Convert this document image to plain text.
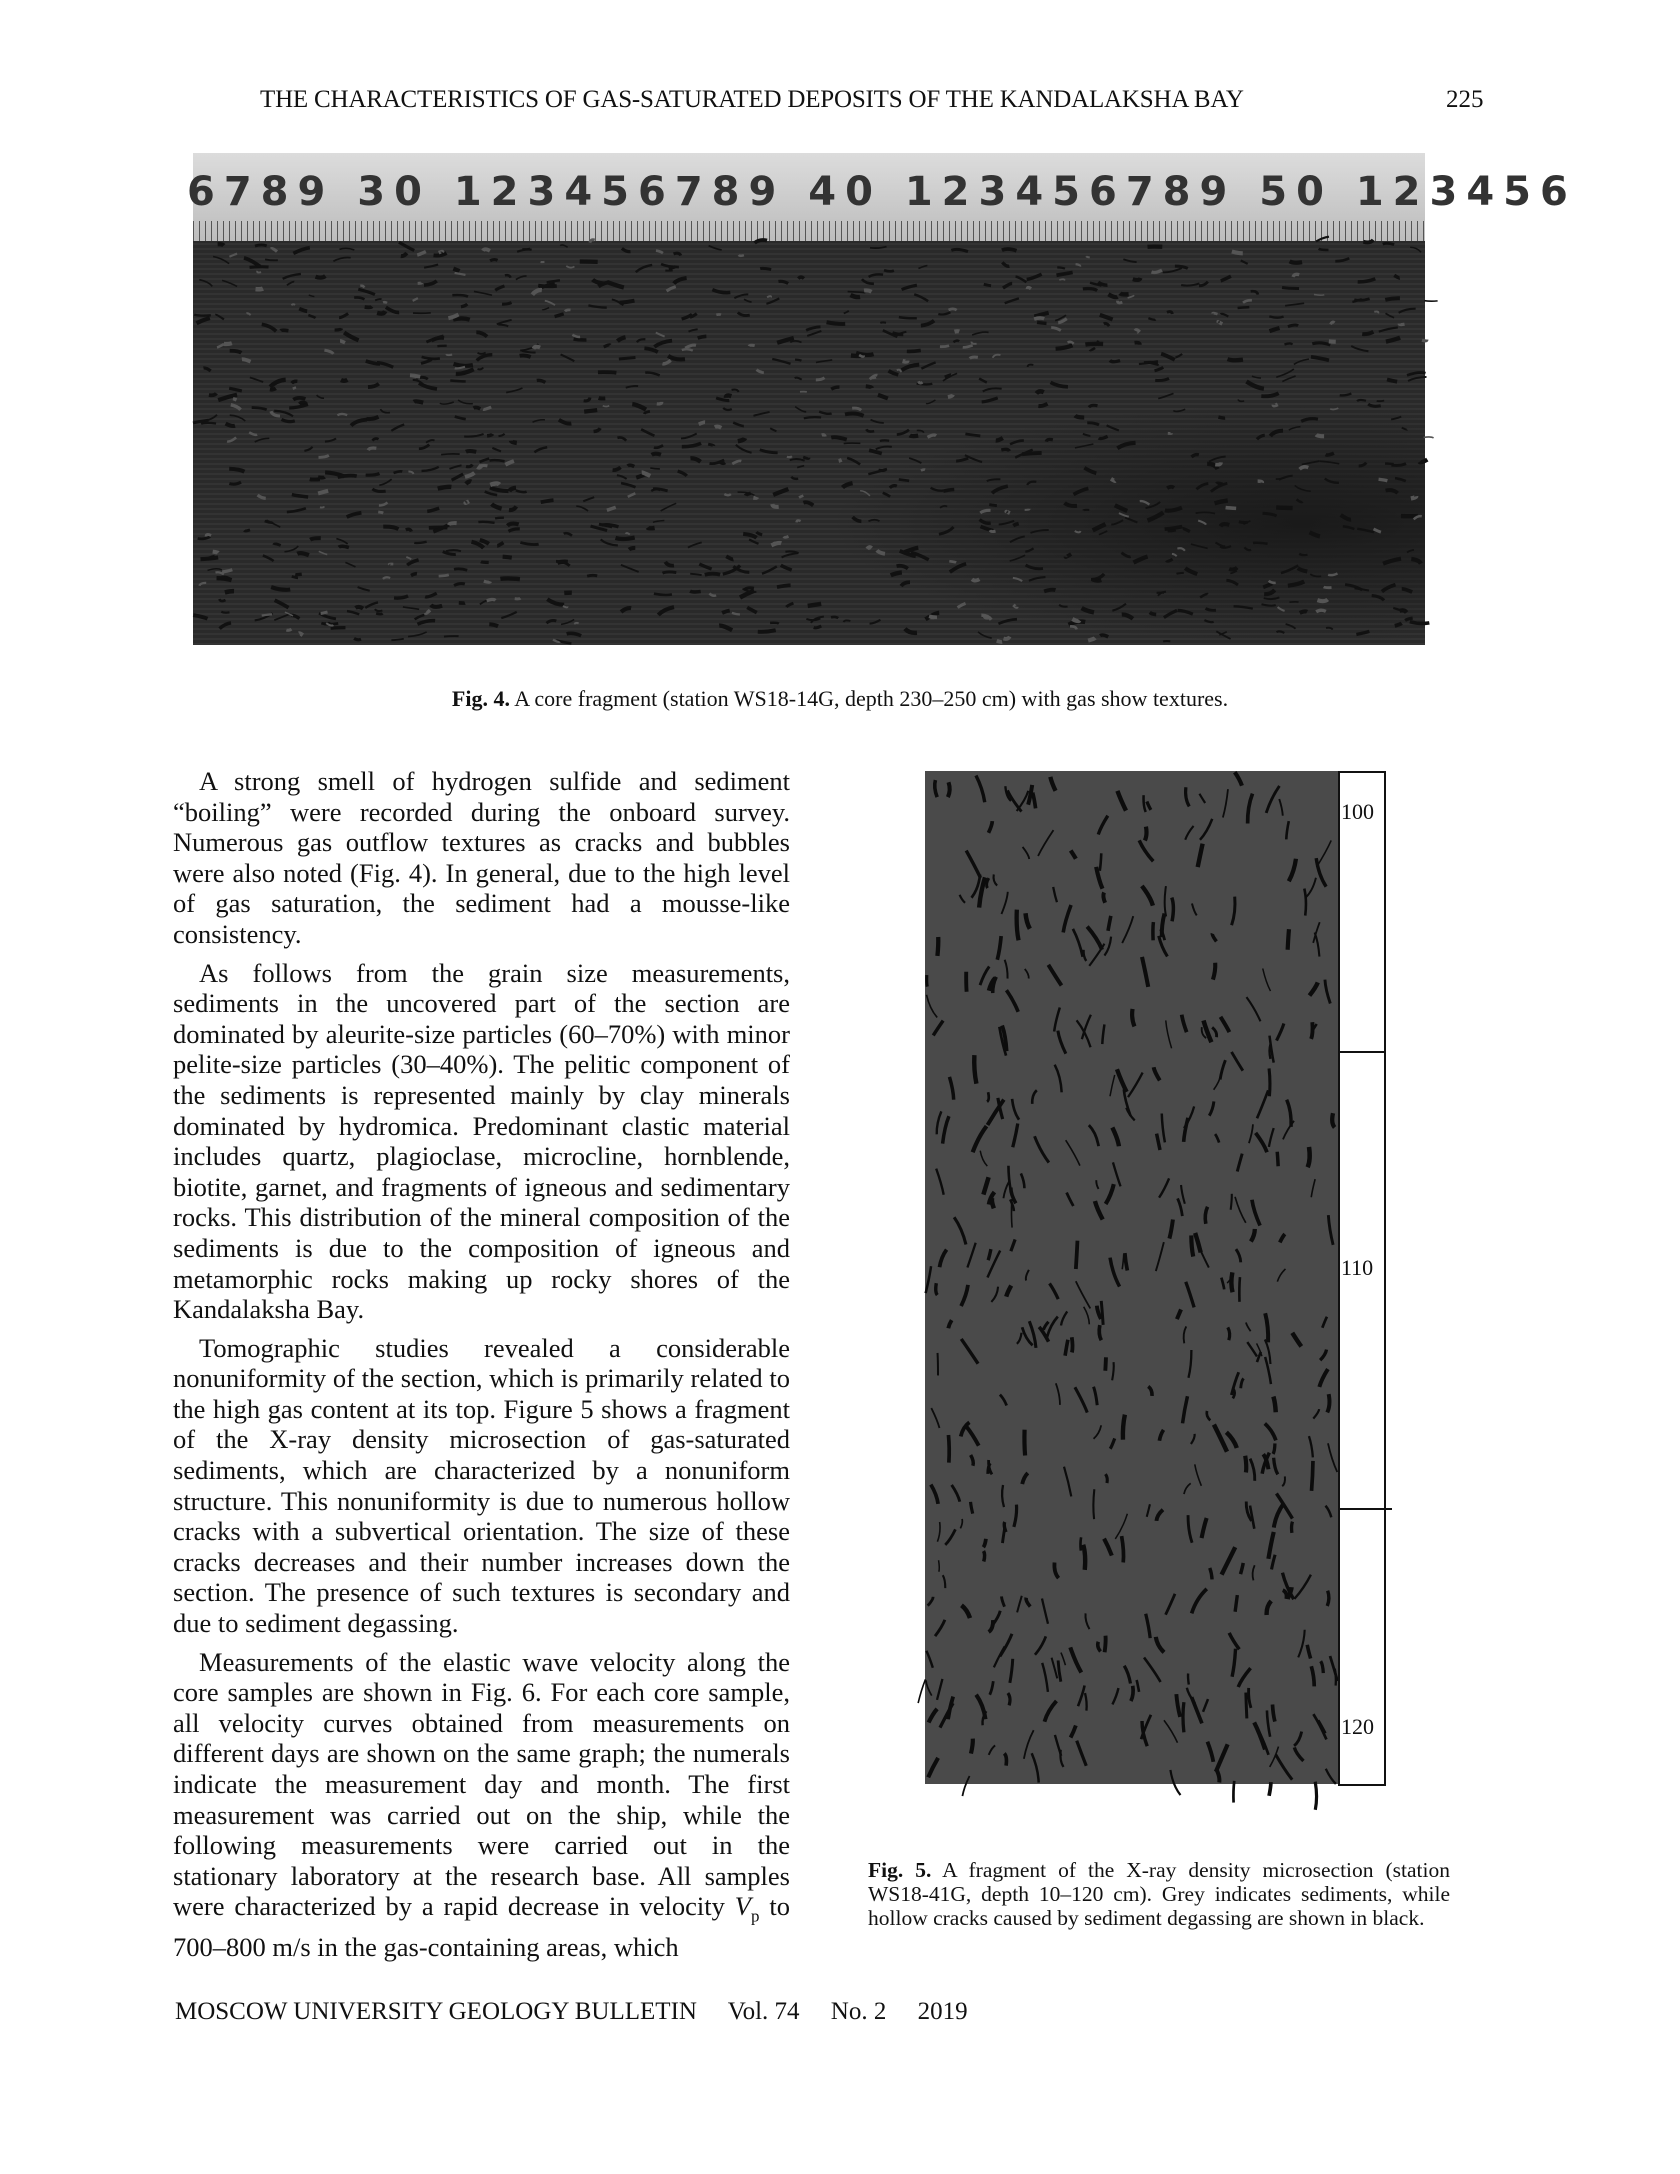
THE CHARACTERISTICS OF GAS-SATURATED DEPOSITS OF THE KANDALAKSHA BAY	225
6789 30 123456789 40 123456789 50 123456
Fig. 4. A core fragment (station WS18-14G, depth 230–250 cm) with gas show textures.

A strong smell of hydrogen sulfide and sediment “boiling” were recorded during the onboard survey. Numerous gas outflow textures as cracks and bubbles were also noted (Fig. 4). In general, due to the high level of gas saturation, the sediment had a mousse-like consistency.

As follows from the grain size measurements, sediments in the uncovered part of the section are dominated by aleurite-size particles (60–70%) with minor pelite-size particles (30–40%). The pelitic component of the sediments is represented mainly by clay minerals dominated by hydromica. Predominant clastic material includes quartz, plagioclase, microcline, hornblende, biotite, garnet, and fragments of igneous and sedimentary rocks. This distribution of the mineral composition of the sediments is due to the composition of igneous and metamorphic rocks making up rocky shores of the Kandalaksha Bay.

Tomographic studies revealed a considerable nonuniformity of the section, which is primarily related to the high gas content at its top. Figure 5 shows a fragment of the X-ray density microsection of gas-saturated sediments, which are characterized by a nonuniform structure. This nonuniformity is due to numerous hollow cracks with a subvertical orientation. The size of these cracks decreases and their number increases down the section. The presence of such textures is secondary and due to sediment degassing.

Measurements of the elastic wave velocity along the core samples are shown in Fig. 6. For each core sample, all velocity curves obtained from measurements on different days are shown on the same graph; the numerals indicate the measurement day and month. The first measurement was carried out on the ship, while the following measurements were carried out in the stationary laboratory at the research base. All samples were characterized by a rapid decrease in velocity $V_p$ to 700–800 m/s in the gas-containing areas, which

100
110
120
Fig. 5. A fragment of the X-ray density microsection (station WS18-41G, depth 10–120 cm). Grey indicates sediments, while hollow cracks caused by sediment degassing are shown in black.
MOSCOW UNIVERSITY GEOLOGY BULLETIN Vol. 74 No. 2 2019
